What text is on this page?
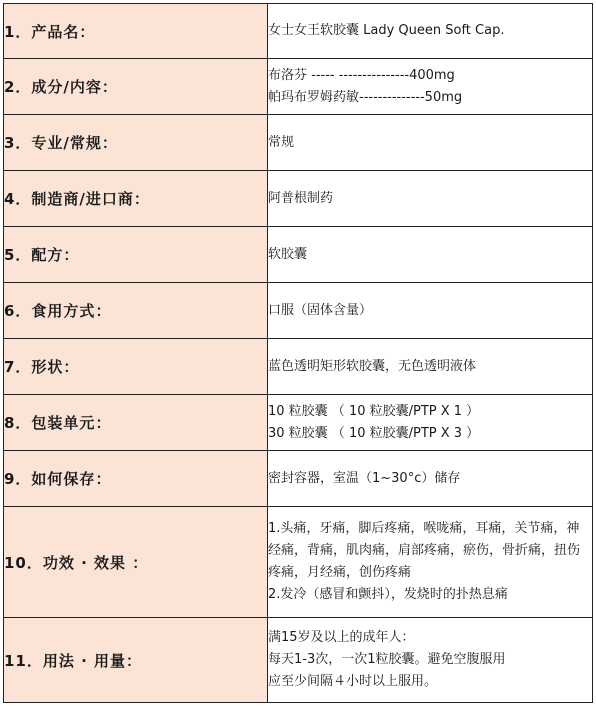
1．产品名：	女士女王软胶囊 Lady Queen Soft Cap.

2．成分/内容：	布洛芬 ----- ---------------400mg
帕玛布罗姆药敏--------------50mg

3．专业/常规：	常规

4．制造商/进口商：	阿普根制药

5．配方：	软胶囊

6．食用方式：	口服（固体含量）

7．形状：	蓝色透明矩形软胶囊，无色透明液体

8．包装单元：	10 粒胶囊 （ 10 粒胶囊/PTP X 1 ）
30 粒胶囊 （ 10 粒胶囊/PTP X 3 ）

9．如何保存：	密封容器，室温（1~30°c）储存

10．功效 · 效果 ：	1.头痛，牙痛，脚后疼痛，喉咙痛，耳痛，关节痛，神经痛，背痛，肌肉痛，肩部疼痛，瘀伤，骨折痛，扭伤疼痛，月经痛，创伤疼痛
2.发冷（感冒和颤抖），发烧时的扑热息痛

11．用法 · 用量：	满15岁及以上的成年人：
每天1-3次，一次1粒胶囊。避免空腹服用
应至少间隔４小时以上服用。
